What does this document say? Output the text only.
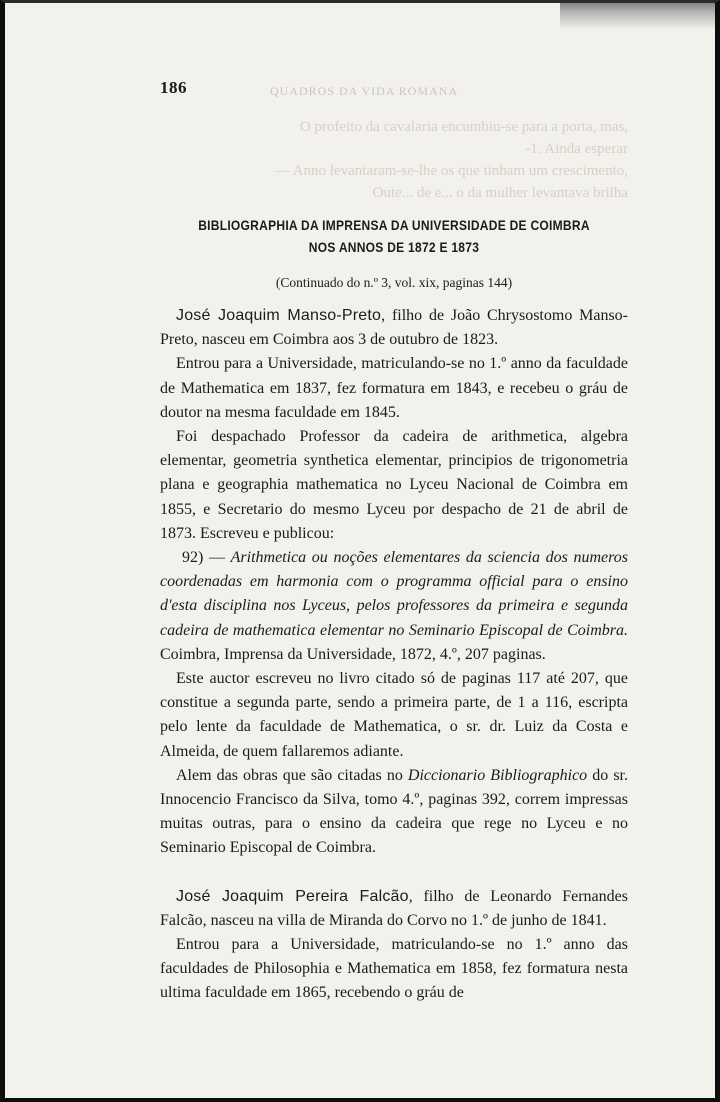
186	QUADROS DA VIDA ROMANA
O profeito da cavalaria encumbiu-se para a porta, mas,
-1. Ainda esperar
— Anno levantaram-se-lhe os que tinham um crescimento,
Oute... de e... o da mulher levantava brilha
BIBLIOGRAPHIA DA IMPRENSA DA UNIVERSIDADE DE COIMBRA
NOS ANNOS DE 1872 E 1873
(Continuado do n.º 3, vol. xix, paginas 144)

José Joaquim Manso-Preto, filho de João Chrysostomo Manso-Preto, nasceu em Coimbra aos 3 de outubro de 1823.

Entrou para a Universidade, matriculando-se no 1.º anno da faculdade de Mathematica em 1837, fez formatura em 1843, e recebeu o gráu de doutor na mesma faculdade em 1845.

Foi despachado Professor da cadeira de arithmetica, algebra elementar, geometria synthetica elementar, principios de trigonometria plana e geographia mathematica no Lyceu Nacional de Coimbra em 1855, e Secretario do mesmo Lyceu por despacho de 21 de abril de 1873. Escreveu e publicou:

92) — Arithmetica ou noções elementares da sciencia dos numeros coordenadas em harmonia com o programma official para o ensino d'esta disciplina nos Lyceus, pelos professores da primeira e segunda cadeira de mathematica elementar no Seminario Episcopal de Coimbra. Coimbra, Imprensa da Universidade, 1872, 4.º, 207 paginas.

Este auctor escreveu no livro citado só de paginas 117 até 207, que constitue a segunda parte, sendo a primeira parte, de 1 a 116, escripta pelo lente da faculdade de Mathematica, o sr. dr. Luiz da Costa e Almeida, de quem fallaremos adiante.

Alem das obras que são citadas no Diccionario Bibliographico do sr. Innocencio Francisco da Silva, tomo 4.º, paginas 392, correm impressas muitas outras, para o ensino da cadeira que rege no Lyceu e no Seminario Episcopal de Coimbra.

José Joaquim Pereira Falcão, filho de Leonardo Fernandes Falcão, nasceu na villa de Miranda do Corvo no 1.º de junho de 1841.

Entrou para a Universidade, matriculando-se no 1.º anno das faculdades de Philosophia e Mathematica em 1858, fez formatura nesta ultima faculdade em 1865, recebendo o gráu de
